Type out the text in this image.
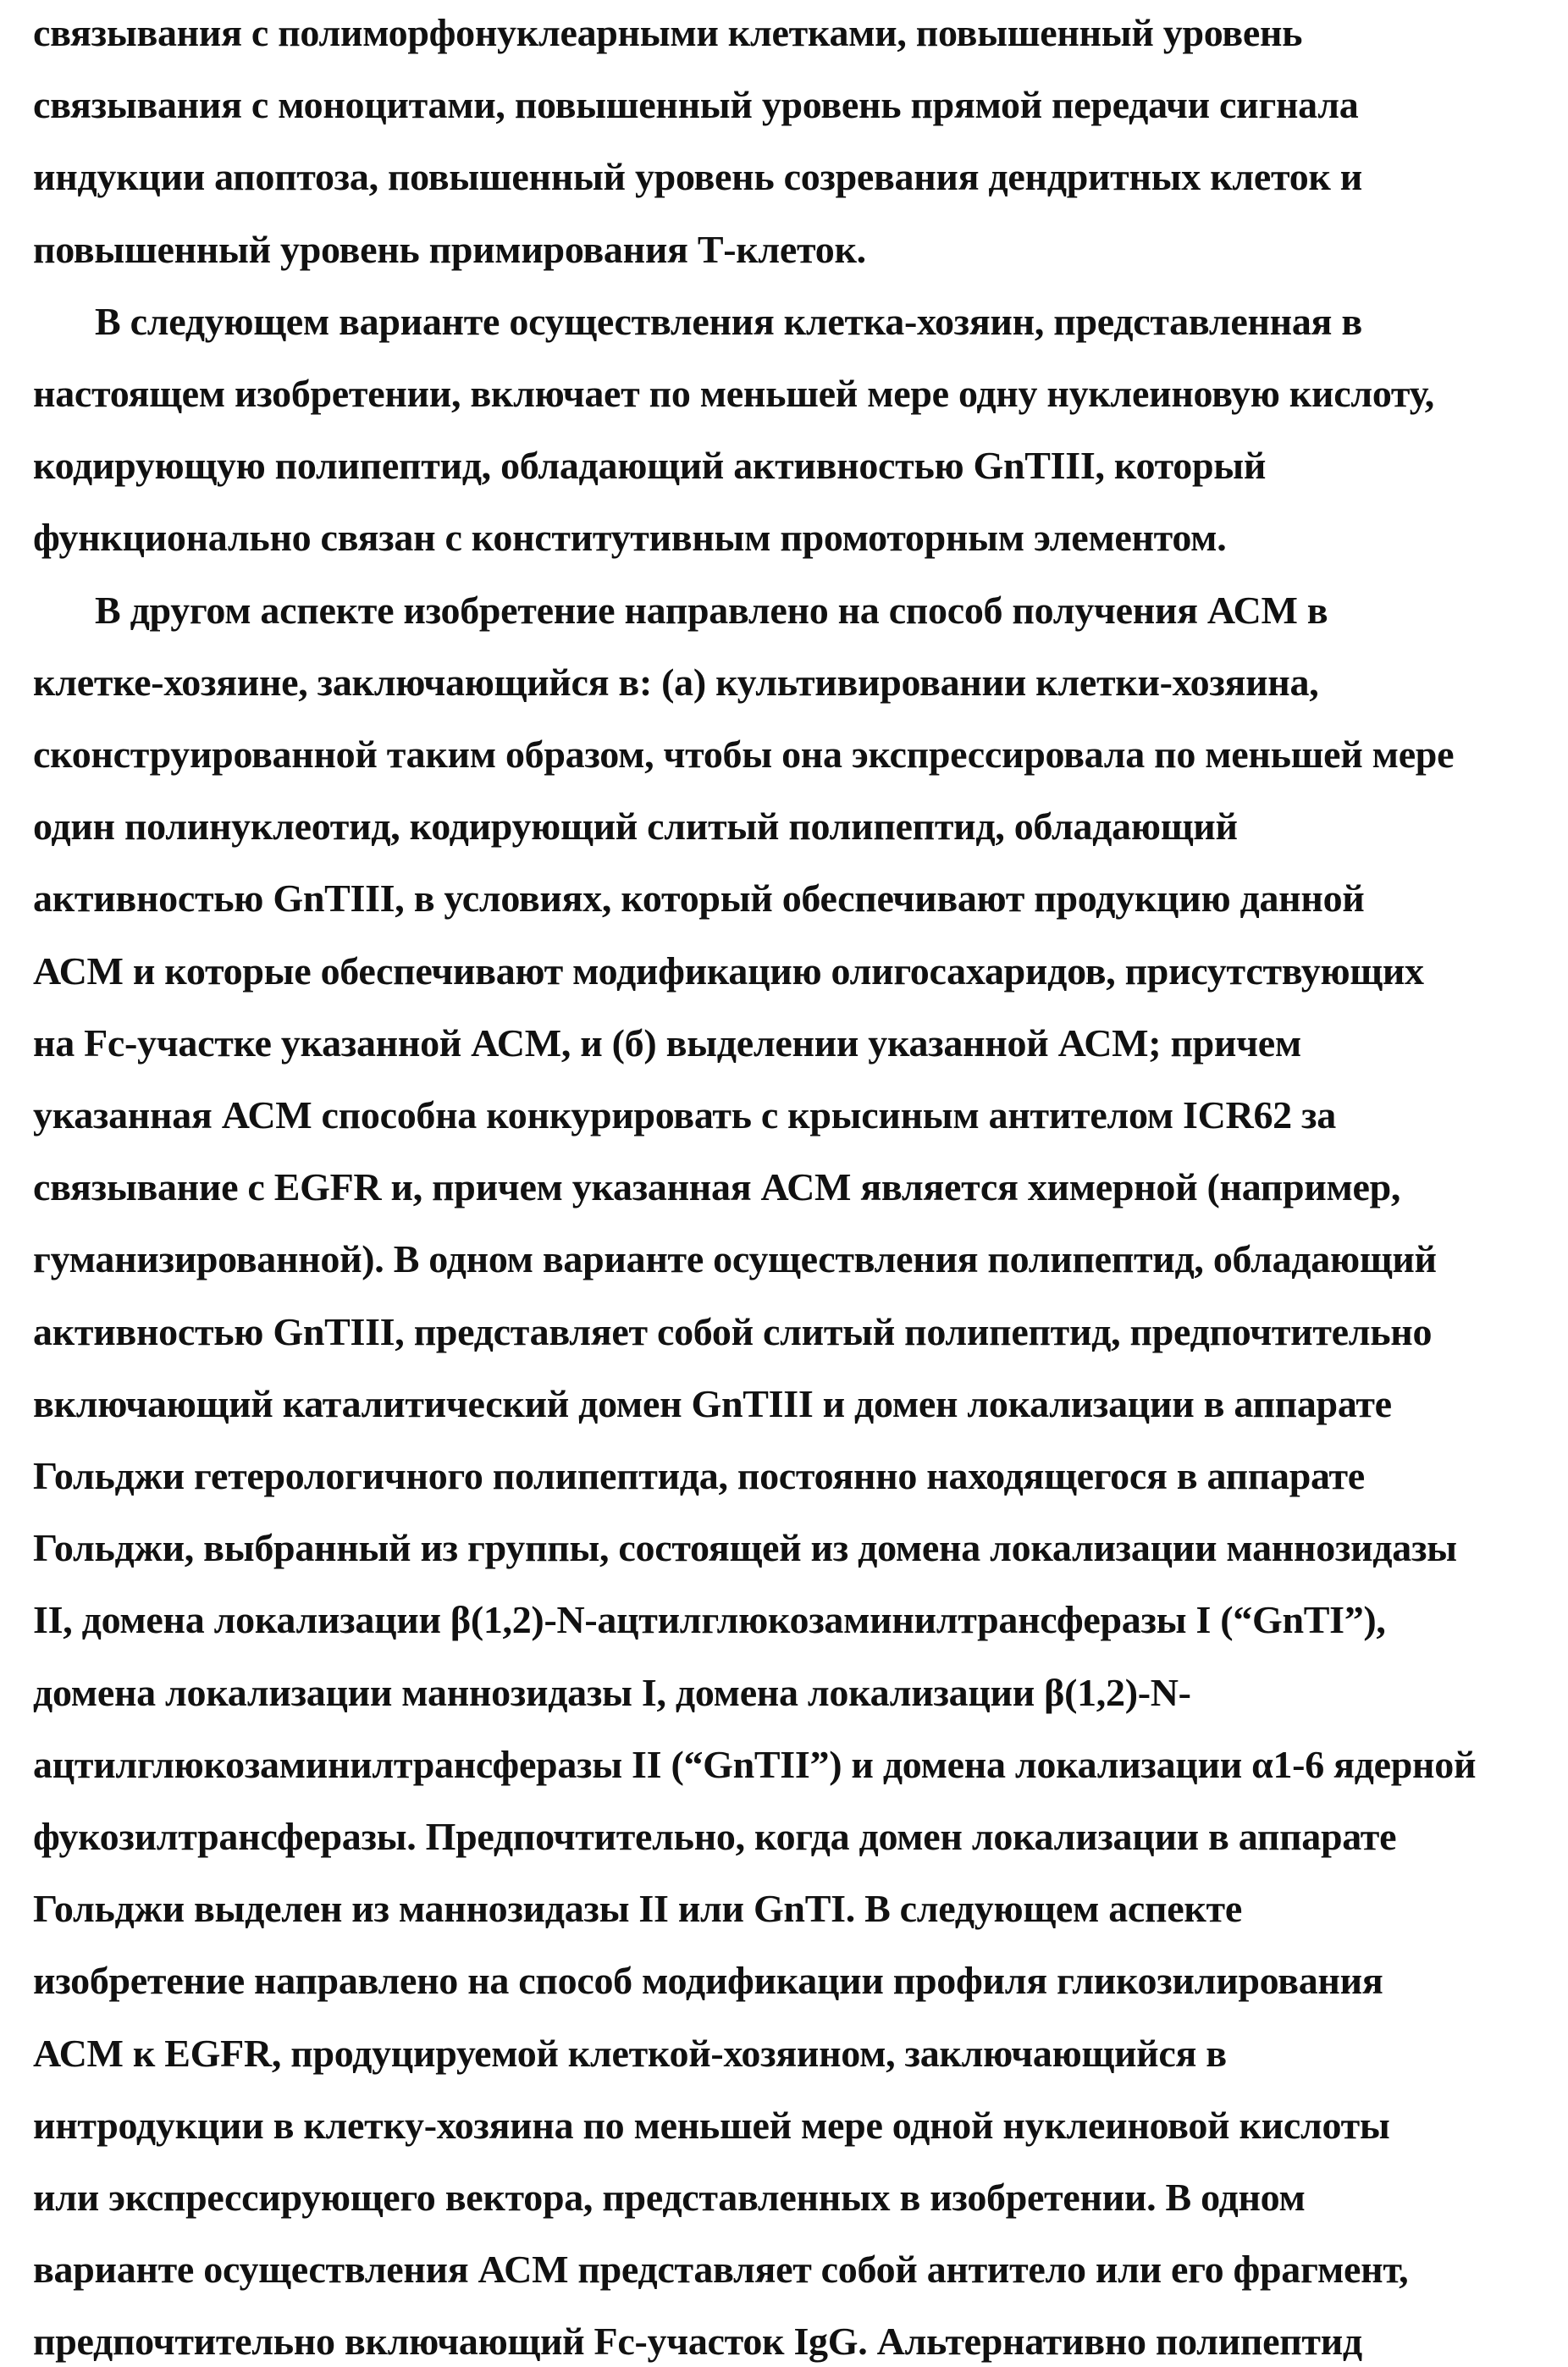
связывания с полиморфонуклеарными клетками, повышенный уровень
связывания с моноцитами, повышенный уровень прямой передачи сигнала
индукции апоптоза, повышенный уровень созревания дендритных клеток и
повышенный уровень примирования Т-клеток.
В следующем варианте осуществления клетка-хозяин, представленная в
настоящем изобретении, включает по меньшей мере одну нуклеиновую кислоту,
кодирующую полипептид, обладающий активностью GnTIII, который
функционально связан с конститутивным промоторным элементом.
В другом аспекте изобретение направлено на способ получения АСМ в
клетке-хозяине, заключающийся в: (а) культивировании клетки-хозяина,
сконструированной таким образом, чтобы она экспрессировала по меньшей мере
один полинуклеотид, кодирующий слитый полипептид, обладающий
активностью GnTIII, в условиях, который обеспечивают продукцию данной
АСМ и которые обеспечивают модификацию олигосахаридов, присутствующих
на Fc-участке указанной АСМ, и (б) выделении указанной АСМ; причем
указанная АСМ способна конкурировать с крысиным антителом ICR62 за
связывание с EGFR и, причем указанная АСМ является химерной (например,
гуманизированной). В одном варианте осуществления полипептид, обладающий
активностью GnTIII, представляет собой слитый полипептид, предпочтительно
включающий каталитический домен GnTIII и домен локализации в аппарате
Гольджи гетерологичного полипептида, постоянно находящегося в аппарате
Гольджи, выбранный из группы, состоящей из домена локализации маннозидазы
II, домена локализации β(1,2)-N-ацтилглюкозаминилтрансферазы I (“GnTI”),
домена локализации маннозидазы I, домена локализации β(1,2)-N-
ацтилглюкозаминилтрансферазы II (“GnTII”) и домена локализации α1-6 ядерной
фукозилтрансферазы. Предпочтительно, когда домен локализации в аппарате
Гольджи выделен из маннозидазы II или GnTI. В следующем аспекте
изобретение направлено на способ модификации профиля гликозилирования
АСМ к EGFR, продуцируемой клеткой-хозяином, заключающийся в
интродукции в клетку-хозяина по меньшей мере одной нуклеиновой кислоты
или экспрессирующего вектора, представленных в изобретении. В одном
варианте осуществления АСМ представляет собой антитело или его фрагмент,
предпочтительно включающий Fc-участок IgG. Альтернативно полипептид
